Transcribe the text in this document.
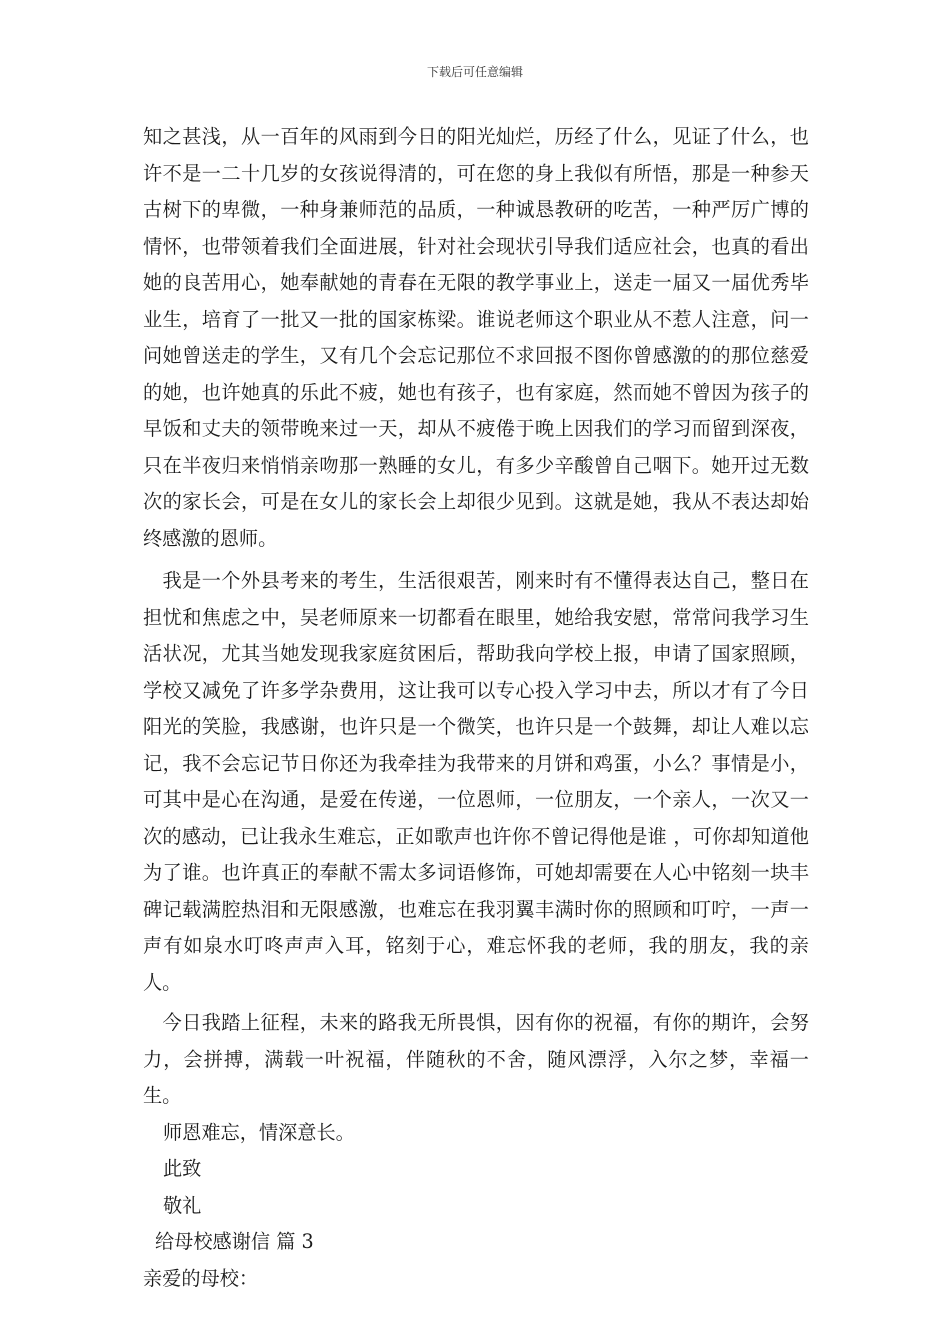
下载后可任意编辑

知之甚浅，从一百年的风雨到今日的阳光灿烂，历经了什么，见证了什么，也许不是一二十几岁的女孩说得清的，可在您的身上我似有所悟，那是一种参天古树下的卑微，一种身兼师范的品质，一种诚恳教研的吃苦，一种严厉广博的情怀，也带领着我们全面进展，针对社会现状引导我们适应社会，也真的看出她的良苦用心，她奉献她的青春在无限的教学事业上，送走一届又一届优秀毕业生，培育了一批又一批的国家栋梁。谁说老师这个职业从不惹人注意，问一问她曾送走的学生，又有几个会忘记那位不求回报不图你曾感激的的那位慈爱的她，也许她真的乐此不疲，她也有孩子，也有家庭，然而她不曾因为孩子的早饭和丈夫的领带晚来过一天，却从不疲倦于晚上因我们的学习而留到深夜，只在半夜归来悄悄亲吻那一熟睡的女儿，有多少辛酸曾自己咽下。她开过无数次的家长会，可是在女儿的家长会上却很少见到。这就是她，我从不表达却始终感激的恩师。

我是一个外县考来的考生，生活很艰苦，刚来时有不懂得表达自己，整日在担忧和焦虑之中，吴老师原来一切都看在眼里，她给我安慰，常常问我学习生活状况，尤其当她发现我家庭贫困后，帮助我向学校上报，申请了国家照顾，学校又减免了许多学杂费用，这让我可以专心投入学习中去，所以才有了今日阳光的笑脸，我感谢，也许只是一个微笑，也许只是一个鼓舞，却让人难以忘记，我不会忘记节日你还为我牵挂为我带来的月饼和鸡蛋，小么？事情是小，可其中是心在沟通，是爱在传递，一位恩师，一位朋友，一个亲人，一次又一次的感动，已让我永生难忘，正如歌声也许你不曾记得他是谁 ，可你却知道他为了谁。也许真正的奉献不需太多词语修饰，可她却需要在人心中铭刻一块丰碑记载满腔热泪和无限感激，也难忘在我羽翼丰满时你的照顾和叮咛，一声一声有如泉水叮咚声声入耳，铭刻于心，难忘怀我的老师，我的朋友，我的亲人。

今日我踏上征程，未来的路我无所畏惧，因有你的祝福，有你的期许，会努力，会拼搏，满载一叶祝福，伴随秋的不舍，随风漂浮，入尔之梦，幸福一生。

师恩难忘，情深意长。

此致

敬礼

给母校感谢信 篇 3

亲爱的母校：
